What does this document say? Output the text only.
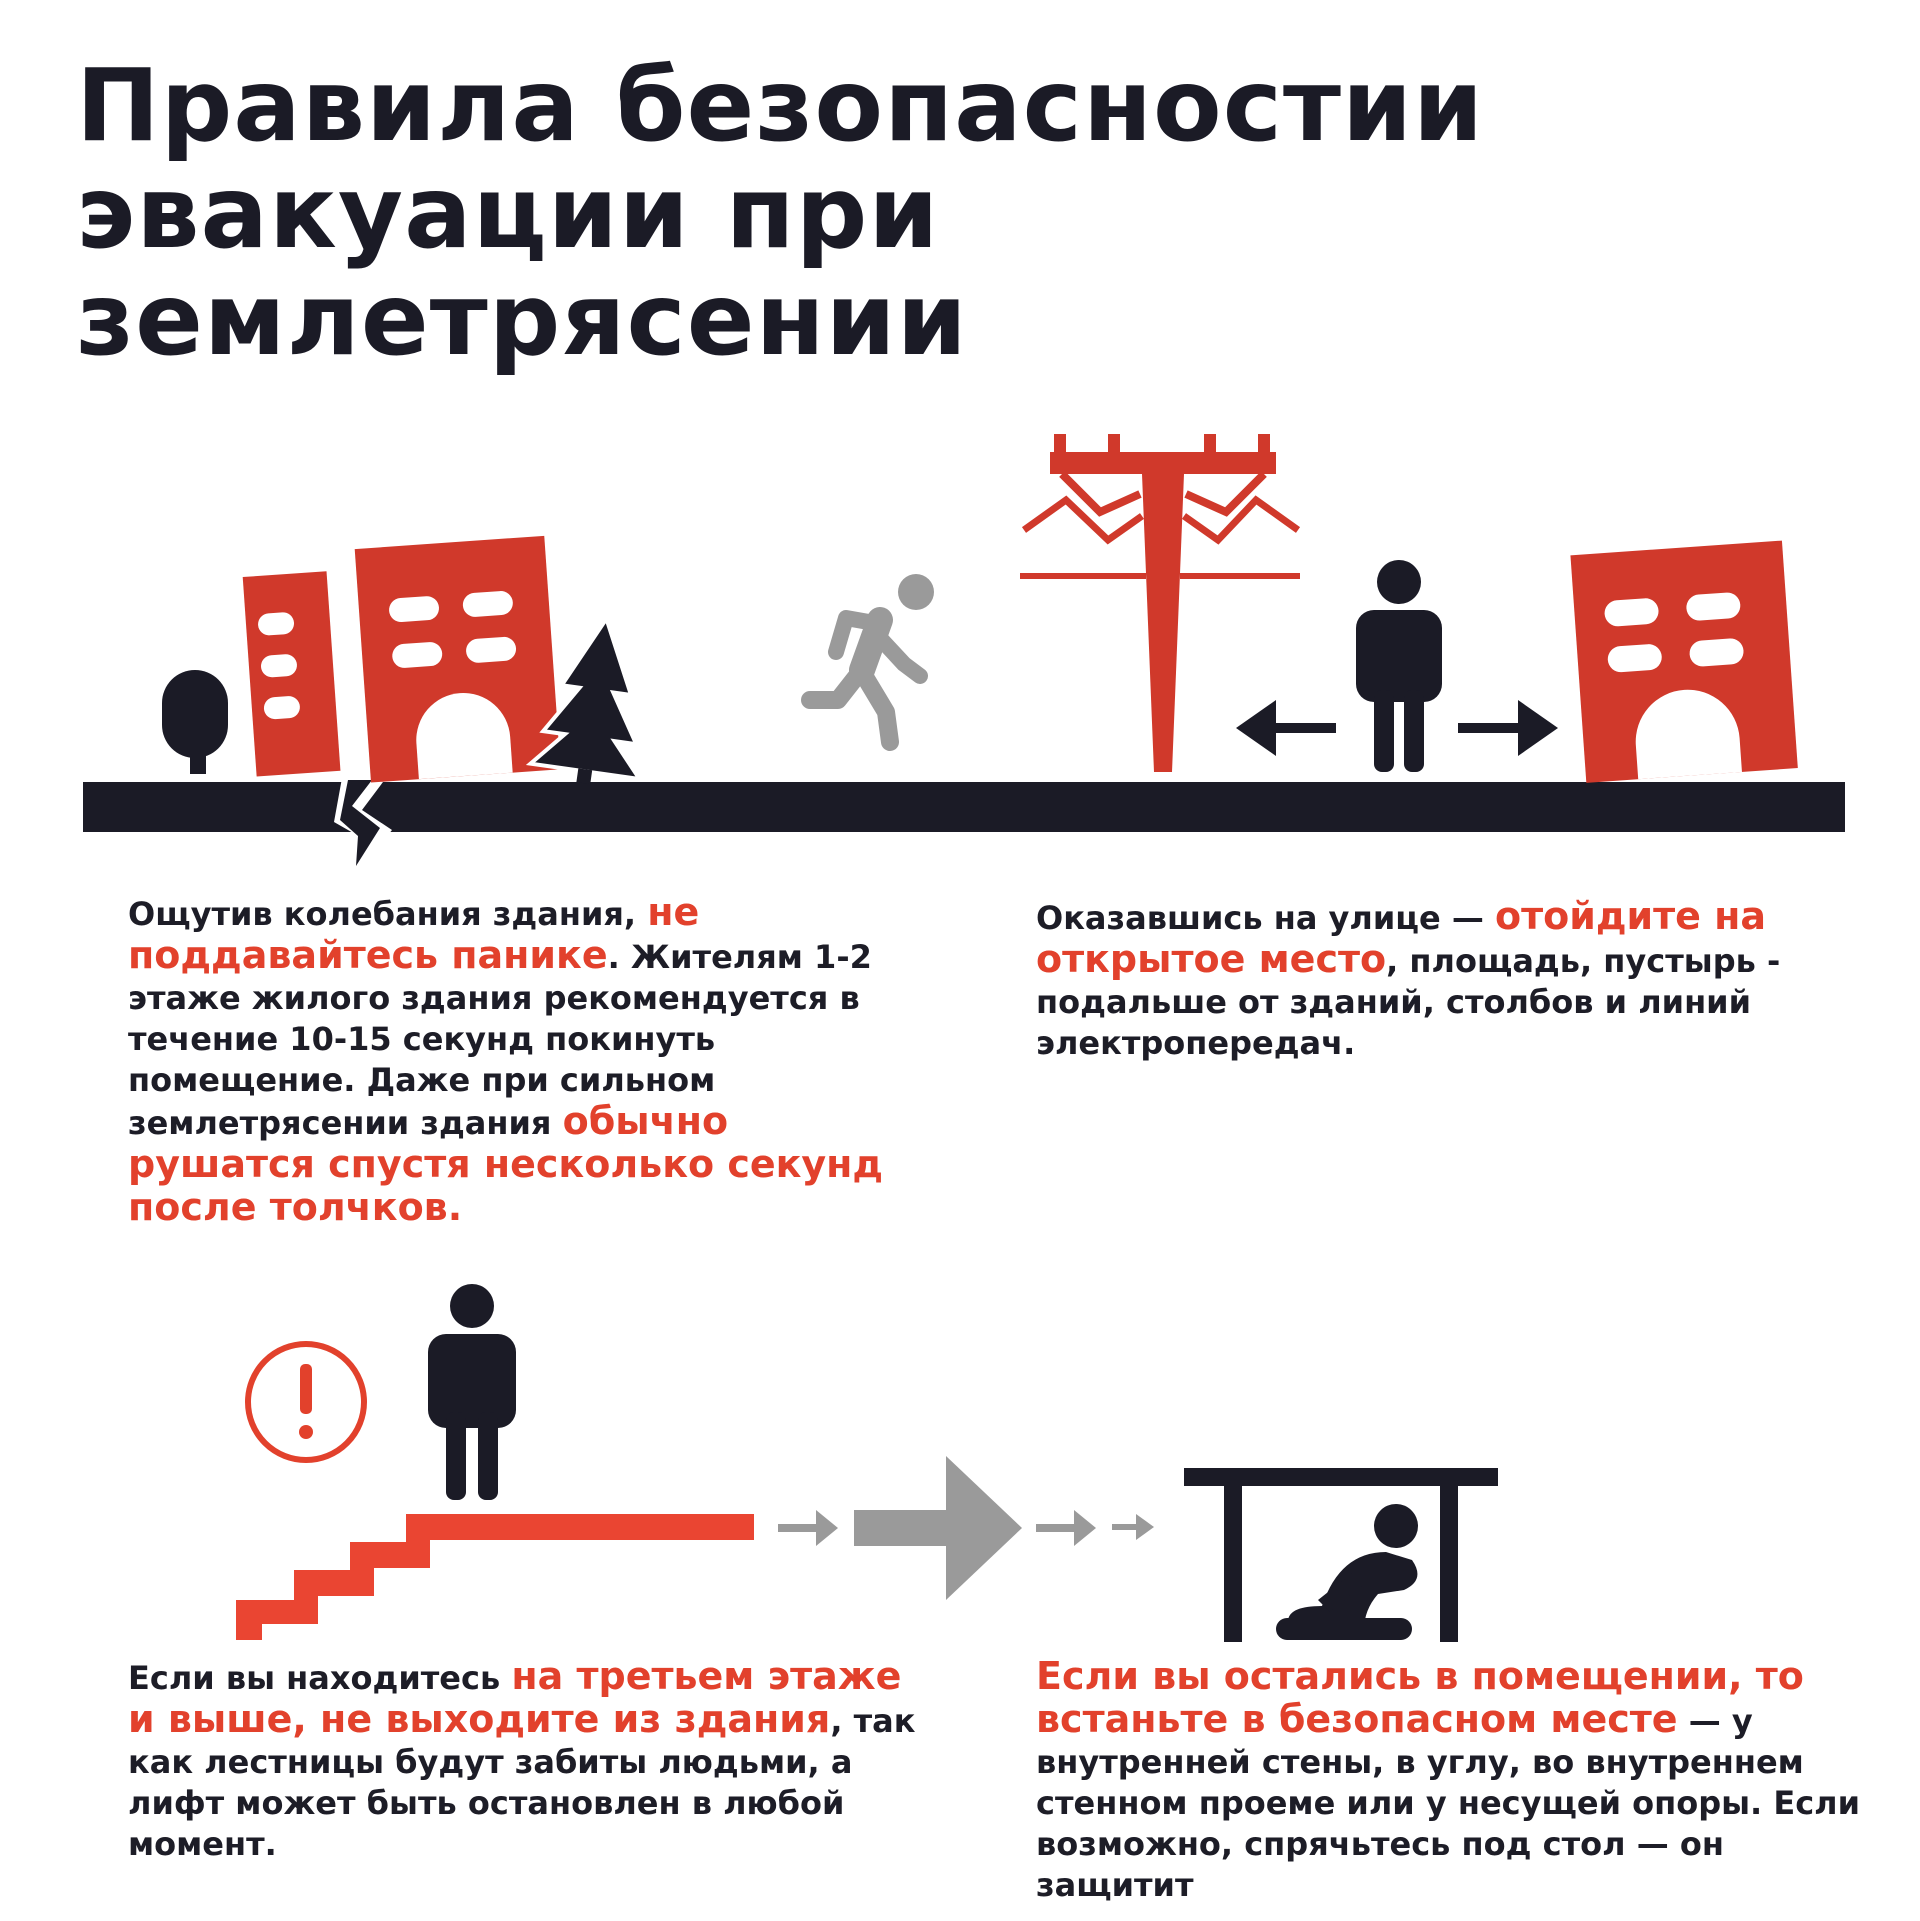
Правила безопасностии
эвакуации при
землетрясении

Ощутив колебания здания, не поддавайтесь панике. Жителям 1-2 этаже жилого здания рекомендуется в течение 10-15 секунд покинуть помещение. Даже при сильном землетрясении здания обычно рушатся спустя несколько секунд после толчков.

Оказавшись на улице — отойдите на открытое место, площадь, пустырь - подальше от зданий, столбов и линий электропередач.

Если вы находитесь на третьем этаже и выше, не выходите из здания, так как лестницы будут забиты людьми, а лифт может быть остановлен в любой момент.

Если вы остались в помещении, то встаньте в безопасном месте — у внутренней стены, в углу, во внутреннем стенном проеме или у несущей опоры. Если возможно, спрячьтесь под стол — он защитит
